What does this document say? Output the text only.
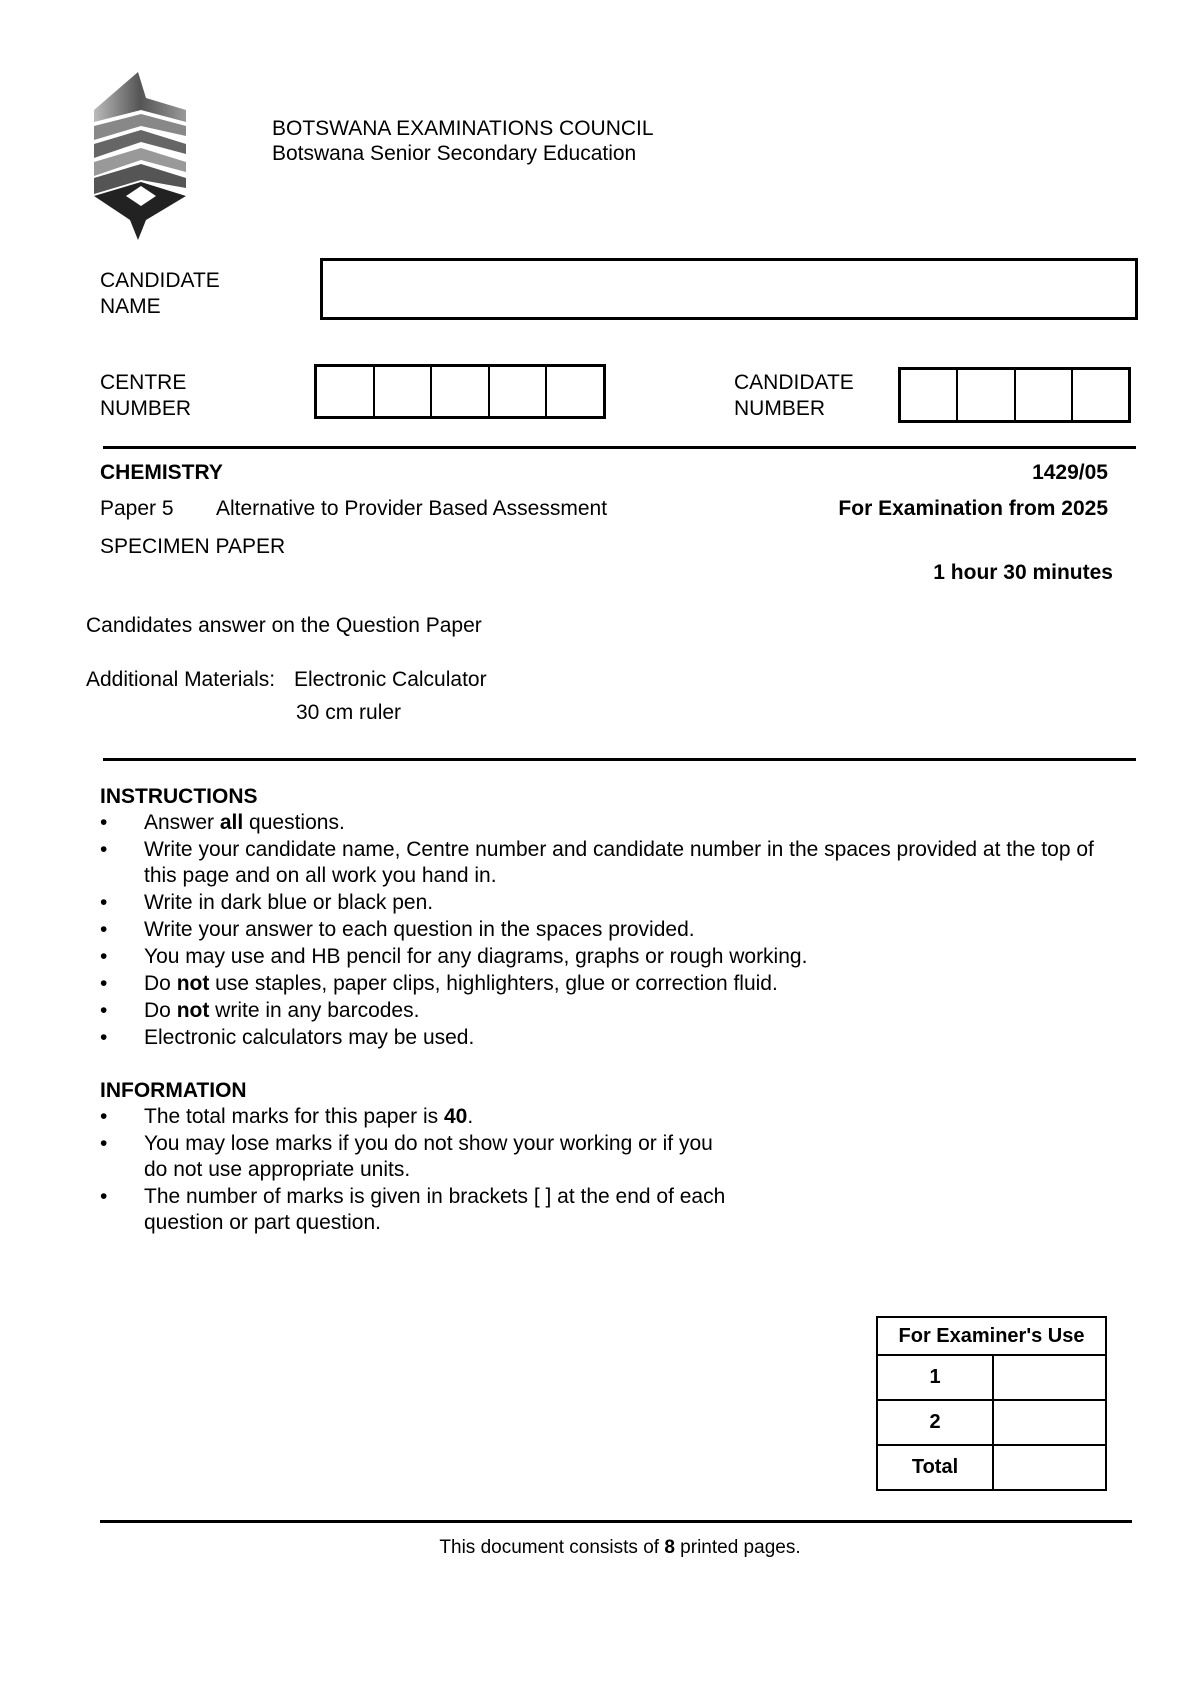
BOTSWANA EXAMINATIONS COUNCIL
Botswana Senior Secondary Education
CANDIDATE
NAME
CENTRE
NUMBER
CANDIDATE
NUMBER
CHEMISTRY	1429/05
Paper 5 Alternative to Provider Based Assessment	For Examination from 2025
SPECIMEN PAPER
1 hour 30 minutes
Candidates answer on the Question Paper
Additional Materials: Electronic Calculator
30 cm ruler
INSTRUCTIONS
• Answer all questions.
• Write your candidate name, Centre number and candidate number in the spaces provided at the top of this page and on all work you hand in.
• Write in dark blue or black pen.
• Write your answer to each question in the spaces provided.
• You may use and HB pencil for any diagrams, graphs or rough working.
• Do not use staples, paper clips, highlighters, glue or correction fluid.
• Do not write in any barcodes.
• Electronic calculators may be used.
INFORMATION
• The total marks for this paper is 40.
• You may lose marks if you do not show your working or if you do not use appropriate units.
• The number of marks is given in brackets [ ] at the end of each question or part question.
For Examiner's Use	
1	
2	
Total	
This document consists of 8 printed pages.
